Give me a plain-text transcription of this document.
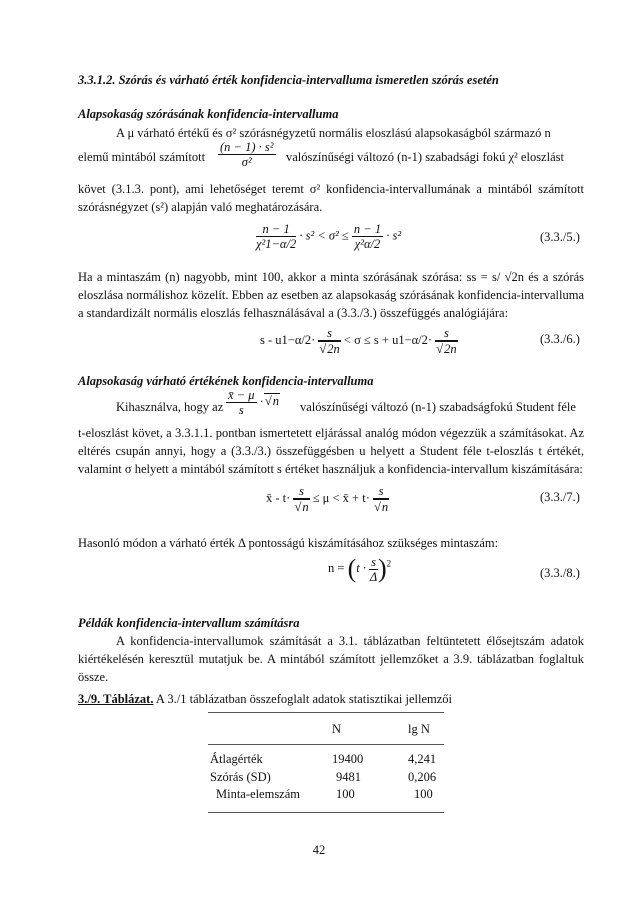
3.3.1.2. Szórás és várható érték konfidencia-intervalluma ismeretlen szórás esetén
Alapsokaság szórásának konfidencia-intervalluma
A μ várható értékű és σ² szórásnégyzetű normális eloszlású alapsokaságból származó n
elemű mintából számított $\frac{\text{(n − 1) · s²}}{\text{σ²}}$ valószínűségi változó (n-1) szabadsági fokú χ² eloszlást
követ (3.1.3. pont), ami lehetőséget teremt σ² konfidencia-intervallumának a mintából számított szórásnégyzet (s²) alapján való meghatározására.
$\frac{n - 1}{\text{χ²1−α/2}} \cdot s^2 < \sigma^2 \le \frac{n - 1}{\text{χ²α/2}} \cdot s^2$	(3.3./5.)
Ha a mintaszám (n) nagyobb, mint 100, akkor a minta szórásának szórása: ss = s/ √2n és a szórás eloszlása normálishoz közelít. Ebben az esetben az alapsokaság szórásának konfidencia-intervalluma a standardizált normális eloszlás felhasználásával a (3.3./3.) összefüggés analógiájára:
s - u1−α/2· s
√ 2n < σ ≤ s + u1−α/2· s
√ 2n	(3.3./6.)
Alapsokaság várható értékének konfidencia-intervalluma
Kihasználva, hogy az $\frac{x̄ - \mu}{s}$ ·√ n valószínűségi változó (n-1) szabadságfokú Student féle
t-eloszlást követ, a 3.3.1.1. pontban ismertetett eljárással analóg módon végezzük a számításokat. Az eltérés csupán annyi, hogy a (3.3./3.) összefüggésben u helyett a Student féle t-eloszlás t értékét, valamint σ helyett a mintából számított s értéket használjuk a konfidencia-intervallum kiszámítására:
x̄ - t· s
√ n ≤ μ < x̄ + t· s
√ n	(3.3./7.)
Hasonló módon a várható érték Δ pontosságú kiszámításához szükséges mintaszám:
$n = (t \cdot \frac{s}{\Delta} )^2$
(3.3./8.)
Példák konfidencia-intervallum számításra
A konfidencia-intervallumok számítását a 3.1. táblázatban feltüntetett élősejtszám adatok kiértékelésén keresztül mutatjuk be. A mintából számított jellemzőket a 3.9. táblázatban foglaltuk össze.
3./9. Táblázat. A 3./1 táblázatban összefoglalt adatok statisztikai jellemzői
N	lg N
Átlagérték	19400	4,241
Szórás (SD)	9481	0,206
Minta-elemszám	100	100
42
